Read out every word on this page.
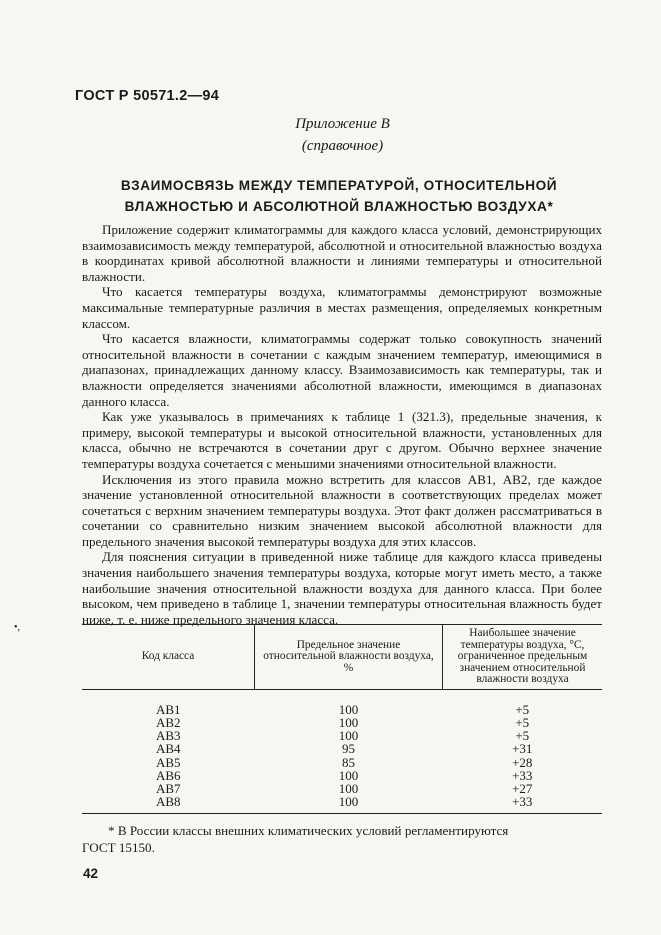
ГОСТ Р 50571.2—94
Приложение В
(справочное)
ВЗАИМОСВЯЗЬ МЕЖДУ ТЕМПЕРАТУРОЙ, ОТНОСИТЕЛЬНОЙ ВЛАЖНОСТЬЮ И АБСОЛЮТНОЙ ВЛАЖНОСТЬЮ ВОЗДУХА*

Приложение содержит климатограммы для каждого класса условий, демонстрирующих взаимозависимость между температурой, абсолютной и относительной влажностью воздуха в координатах кривой абсолютной влажности и линиями температуры и относительной влажности.

Что касается температуры воздуха, климатограммы демонстрируют возможные максимальные температурные различия в местах размещения, определяемых конкретным классом.

Что касается влажности, климатограммы содержат только совокупность значений относительной влажности в сочетании с каждым значением температур, имеющимися в диапазонах, принадлежащих данному классу. Взаимозависимость как температуры, так и влажности определяется значениями абсолютной влажности, имеющимся в диапазонах данного класса.

Как уже указывалось в примечаниях к таблице 1 (321.3), предельные значения, к примеру, высокой температуры и высокой относительной влажности, установленных для класса, обычно не встречаются в сочетании друг с другом. Обычно верхнее значение температуры воздуха сочетается с меньшими значениями относительной влажности.

Исключения из этого правила можно встретить для классов АВ1, АВ2, где каждое значение установленной относительной влажности в соответствующих пределах может сочетаться с верхним значением температуры воздуха. Этот факт должен рассматриваться в сочетании со сравнительно низким значением высокой абсолютной влажности для предельного значения высокой температуры воздуха для этих классов.

Для пояснения ситуации в приведенной ниже таблице для каждого класса приведены значения наибольшего значения температуры воздуха, которые могут иметь место, а также наибольшие значения относительной влажности воздуха для данного класса. При более высоком, чем приведено в таблице 1, значении температуры относительная влажность будет ниже, т. е. ниже предельного значения класса.

•,
Код класса	Предельное значение относительной влажности воздуха, %	Наибольшее значение температуры воздуха, °С, ограниченное предельным значением относительной влажности воздуха
АВ1	100	+5
АВ2	100	+5
АВ3	100	+5
АВ4	95	+31
АВ5	85	+28
АВ6	100	+33
АВ7	100	+27
АВ8	100	+33
* В России классы внешних климатических условий регламентируются
ГОСТ 15150.
42
